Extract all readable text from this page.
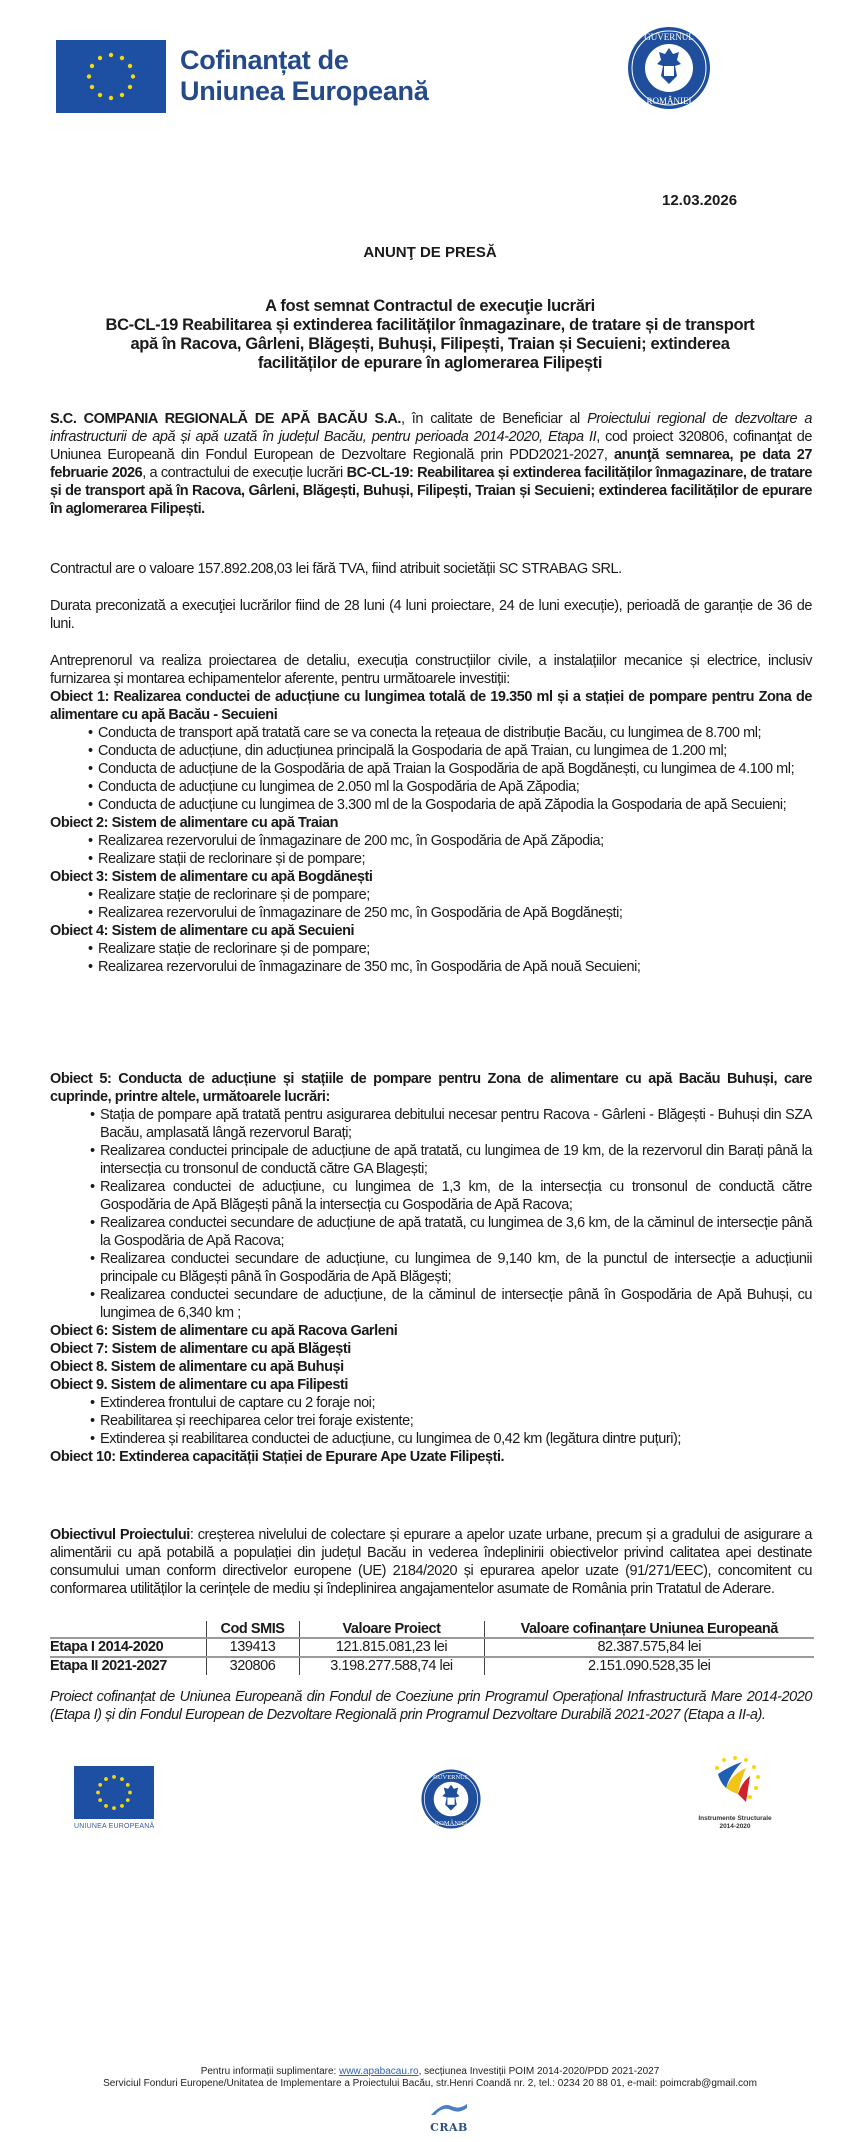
Cofinanțat de
Uniunea Europeană
GUVERNUL
ROMÂNIEI
12.03.2026
ANUNŢ DE PRESĂ
A fost semnat Contractul de execuţie lucrări
BC-CL-19 Reabilitarea și extinderea facilităților înmagazinare, de tratare și de transport
apă în Racova, Gârleni, Blăgești, Buhuși, Filipești, Traian și Secuieni; extinderea
facilităților de epurare în aglomerarea Filipești

S.C. COMPANIA REGIONALĂ DE APĂ BACĂU S.A., în calitate de Beneficiar al Proiectului regional de dezvoltare a infrastructurii de apă și apă uzată în județul Bacău, pentru perioada 2014-2020, Etapa II, cod proiect 320806, cofinanţat de Uniunea Europeană din Fondul European de Dezvoltare Regională prin PDD2021-2027, anunţă semnarea, pe data 27 februarie 2026, a contractului de execuție lucrări BC-CL-19: Reabilitarea și extinderea facilităților înmagazinare, de tratare și de transport apă în Racova, Gârleni, Blăgești, Buhuși, Filipești, Traian și Secuieni; extinderea facilităților de epurare în aglomerarea Filipești.

Contractul are o valoare 157.892.208,03 lei fără TVA, fiind atribuit societății SC STRABAG SRL.
Durata preconizată a execuţiei lucrărilor fiind de 28 luni (4 luni proiectare, 24 de luni execuție), perioadă de garanție de 36 de luni.
Antreprenorul va realiza proiectarea de detaliu, execuția construcțiilor civile, a instalațiilor mecanice și electrice, inclusiv furnizarea și montarea echipamentelor aferente, pentru următoarele investiții:
Obiect 1: Realizarea conductei de aducțiune cu lungimea totală de 19.350 ml și a stației de pompare pentru Zona de alimentare cu apă Bacău - Secuieni
• Conducta de transport apă tratată care se va conecta la rețeaua de distribuție Bacău, cu lungimea de 8.700 ml;
• Conducta de aducțiune, din aducțiunea principală la Gospodaria de apă Traian, cu lungimea de 1.200 ml;
• Conducta de aducțiune de la Gospodăria de apă Traian la Gospodăria de apă Bogdănești, cu lungimea de 4.100 ml;
• Conducta de aducțiune cu lungimea de 2.050 ml la Gospodăria de Apă Zăpodia;
• Conducta de aducțiune cu lungimea de 3.300 ml de la Gospodaria de apă Zăpodia la Gospodaria de apă Secuieni;
Obiect 2: Sistem de alimentare cu apă Traian
• Realizarea rezervorului de înmagazinare de 200 mc, în Gospodăria de Apă Zăpodia;
• Realizare stații de reclorinare și de pompare;
Obiect 3: Sistem de alimentare cu apă Bogdănești
• Realizare stație de reclorinare și de pompare;
• Realizarea rezervorului de înmagazinare de 250 mc, în Gospodăria de Apă Bogdănești;
Obiect 4: Sistem de alimentare cu apă Secuieni
• Realizare stație de reclorinare și de pompare;
• Realizarea rezervorului de înmagazinare de 350 mc, în Gospodăria de Apă nouă Secuieni;
Obiect 5: Conducta de aducțiune și stațiile de pompare pentru Zona de alimentare cu apă Bacău Buhuși, care cuprinde, printre altele, următoarele lucrări:
• Stația de pompare apă tratată pentru asigurarea debitului necesar pentru Racova - Gârleni - Blăgești - Buhuși din SZA Bacău, amplasată lângă rezervorul Barați;
• Realizarea conductei principale de aducțiune de apă tratată, cu lungimea de 19 km, de la rezervorul din Barați până la intersecția cu tronsonul de conductă către GA Blagești;
• Realizarea conductei de aducțiune, cu lungimea de 1,3 km, de la intersecția cu tronsonul de conductă către Gospodăria de Apă Blăgești până la intersecția cu Gospodăria de Apă Racova;
• Realizarea conductei secundare de aducțiune de apă tratată, cu lungimea de 3,6 km, de la căminul de intersecție până la Gospodăria de Apă Racova;
• Realizarea conductei secundare de aducțiune, cu lungimea de 9,140 km, de la punctul de intersecție a aducțiunii principale cu Blăgești până în Gospodăria de Apă Blăgești;
• Realizarea conductei secundare de aducțiune, de la căminul de intersecție până în Gospodăria de Apă Buhuși, cu lungimea de 6,340 km ;
Obiect 6: Sistem de alimentare cu apă Racova Garleni
Obiect 7: Sistem de alimentare cu apă Blăgești
Obiect 8. Sistem de alimentare cu apă Buhuși
Obiect 9. Sistem de alimentare cu apa Filipesti
• Extinderea frontului de captare cu 2 foraje noi;
• Reabilitarea și reechiparea celor trei foraje existente;
• Extinderea și reabilitarea conductei de aducțiune, cu lungimea de 0,42 km (legătura dintre puțuri);
Obiect 10: Extinderea capacității Stației de Epurare Ape Uzate Filipești.
Obiectivul Proiectului: creșterea nivelului de colectare și epurare a apelor uzate urbane, precum și a gradului de asigurare a alimentării cu apă potabilă a populației din județul Bacău in vederea îndeplinirii obiectivelor privind calitatea apei destinate consumului uman conform directivelor europene (UE) 2184/2020 și epurarea apelor uzate (91/271/EEC), concomitent cu conformarea utilităților la cerințele de mediu și îndeplinirea angajamentelor asumate de România prin Tratatul de Aderare.
	Cod SMIS	Valoare Proiect	Valoare cofinanțare Uniunea Europeană
Etapa I 2014-2020	139413	121.815.081,23 lei	82.387.575,84 lei
Etapa II 2021-2027	320806	3.198.277.588,74 lei	2.151.090.528,35 lei
Proiect cofinanțat de Uniunea Europeană din Fondul de Coeziune prin Programul Operațional Infrastructură Mare 2014-2020 (Etapa I) și din Fondul European de Dezvoltare Regională prin Programul Dezvoltare Durabilă 2021-2027 (Etapa a II-a).
UNIUNEA EUROPEANĂ
GUVERNUL
ROMÂNIEI
Instrumente Structurale
2014-2020
Pentru informații suplimentare: www.apabacau.ro, secțiunea Investiții POIM 2014-2020/PDD 2021-2027
Serviciul Fonduri Europene/Unitatea de Implementare a Proiectului Bacău, str.Henri Coandă nr. 2, tel.: 0234 20 88 01, e-mail: poimcrab@gmail.com
CRAB
